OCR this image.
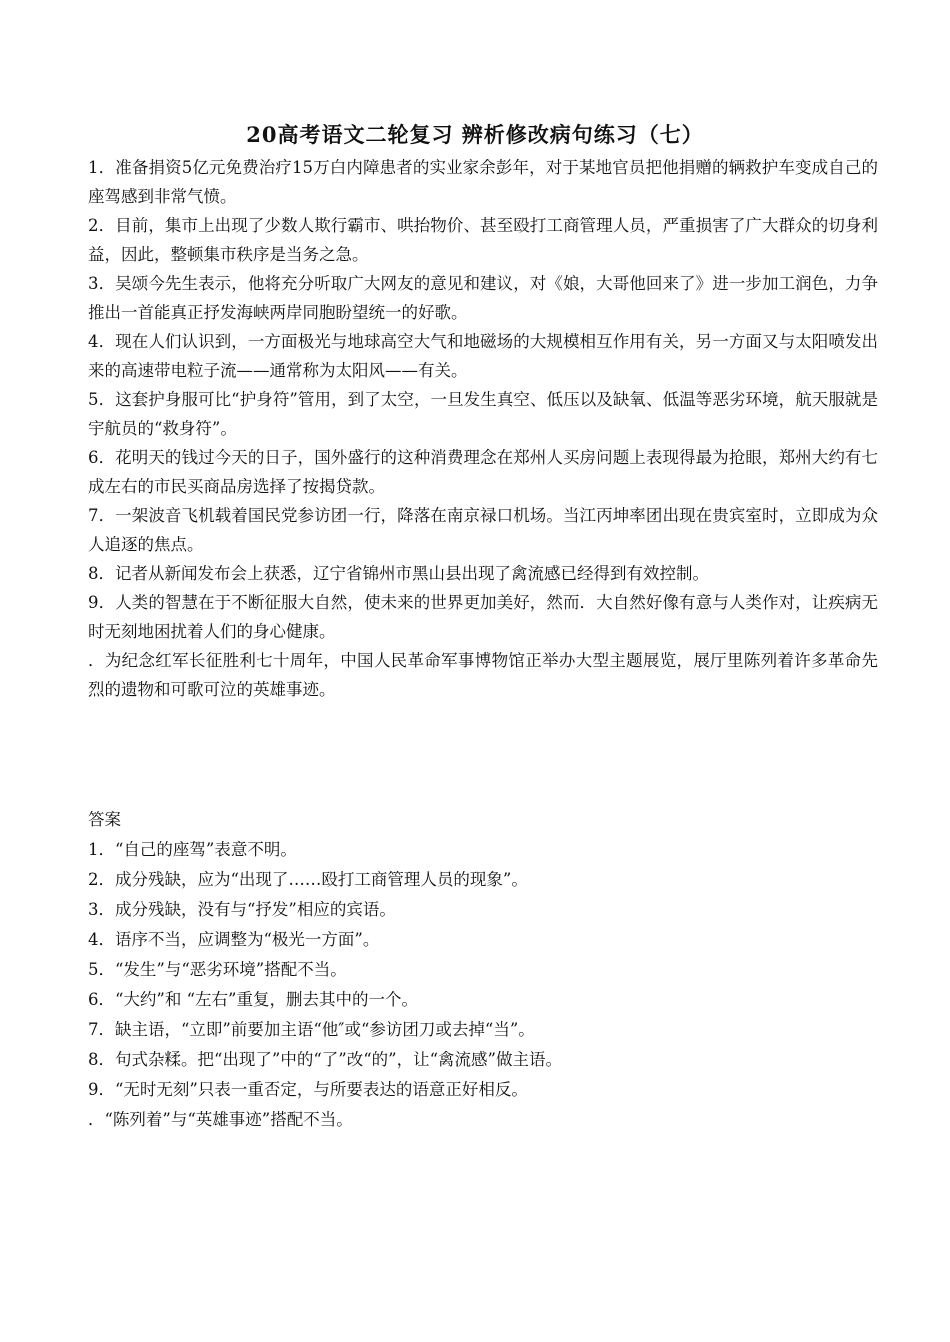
20高考语文二轮复习 辨析修改病句练习（七）

1．准备捐资5亿元免费治疗15万白内障患者的实业家余彭年，对于某地官员把他捐赠的辆救护车变成自己的座驾感到非常气愤。

2．目前，集市上出现了少数人欺行霸市、哄抬物价、甚至殴打工商管理人员，严重损害了广大群众的切身利益，因此，整顿集市秩序是当务之急。

3．吴颂今先生表示，他将充分听取广大网友的意见和建议，对《娘，大哥他回来了》进一步加工润色，力争推出一首能真正抒发海峡两岸同胞盼望统一的好歌。

4．现在人们认识到，一方面极光与地球高空大气和地磁场的大规模相互作用有关，另一方面又与太阳喷发出来的高速带电粒子流——通常称为太阳风——有关。

5．这套护身服可比“护身符”管用，到了太空，一旦发生真空、低压以及缺氧、低温等恶劣环境，航天服就是宇航员的“救身符”。

6．花明天的钱过今天的日子，国外盛行的这种消费理念在郑州人买房问题上表现得最为抢眼，郑州大约有七成左右的市民买商品房选择了按揭贷款。

7．一架波音飞机载着国民党参访团一行，降落在南京禄口机场。当江丙坤率团出现在贵宾室时，立即成为众人追逐的焦点。

8．记者从新闻发布会上获悉，辽宁省锦州市黑山县出现了禽流感已经得到有效控制。

9．人类的智慧在于不断征服大自然，使未来的世界更加美好，然而．大自然好像有意与人类作对，让疾病无时无刻地困扰着人们的身心健康。

．为纪念红军长征胜利七十周年，中国人民革命军事博物馆正举办大型主题展览，展厅里陈列着许多革命先烈的遗物和可歌可泣的英雄事迹。

答案

1．“自己的座驾”表意不明。

2．成分残缺，应为“出现了……殴打工商管理人员的现象”。

3．成分残缺，没有与“抒发”相应的宾语。

4．语序不当，应调整为“极光一方面”。

5．“发生”与“恶劣环境”搭配不当。

6．“大约”和 “左右”重复，删去其中的一个。

7．缺主语，“立即”前要加主语“他″或“参访团刀或去掉“当”。

8．句式杂糅。把“出现了”中的“了”改“的”，让“禽流感”做主语。

9．“无时无刻”只表一重否定，与所要表达的语意正好相反。

．“陈列着”与“英雄事迹”搭配不当。
